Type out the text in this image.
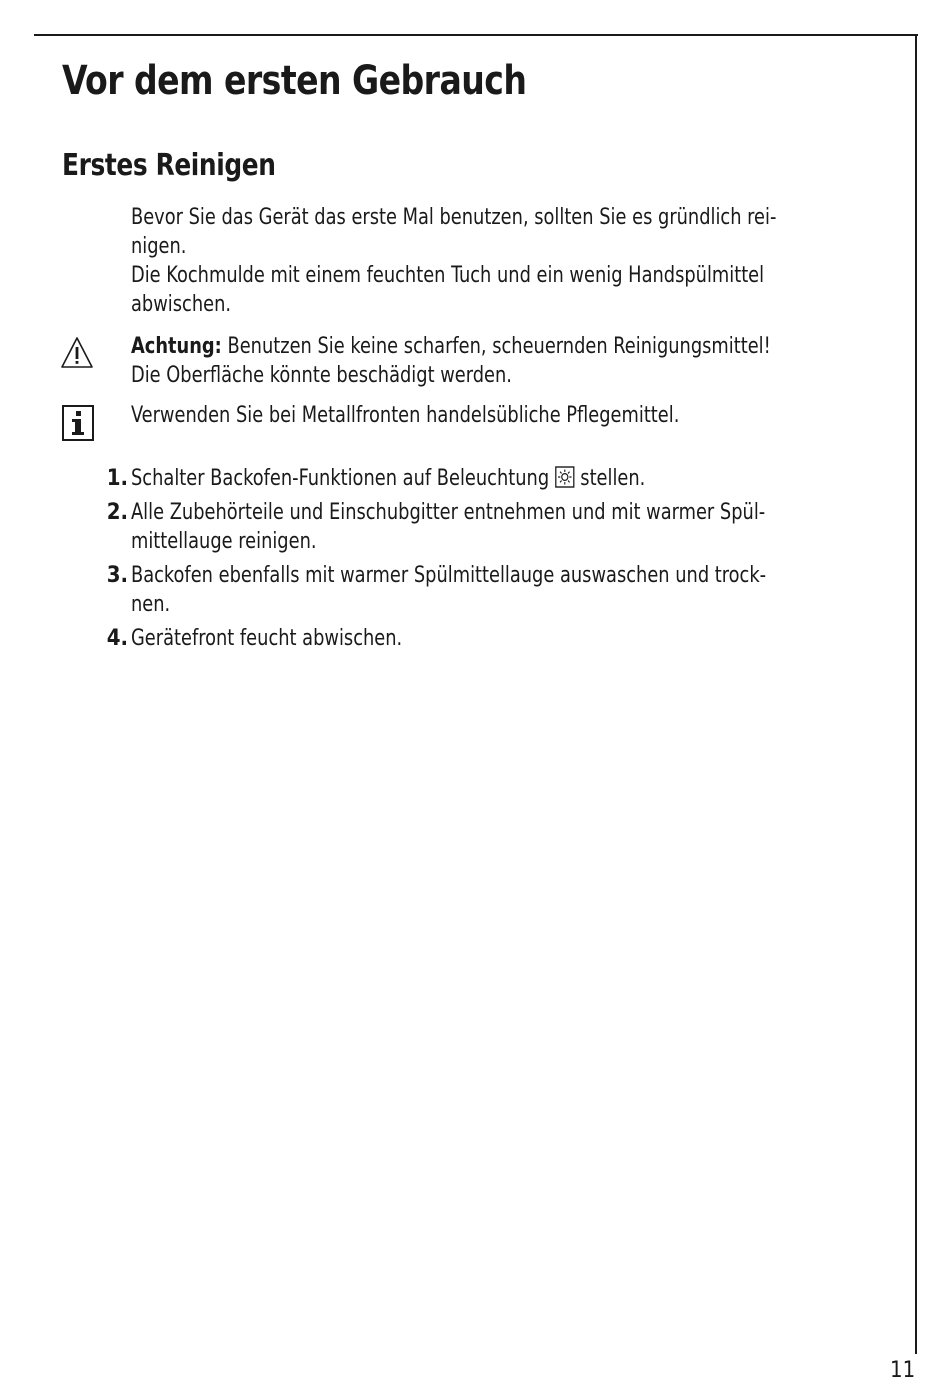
Vor dem ersten Gebrauch
Erstes Reinigen
Bevor Sie das Gerät das erste Mal benutzen, sollten Sie es gründlich rei-
nigen.
Die Kochmulde mit einem feuchten Tuch und ein wenig Handspülmittel
abwischen.
Achtung: Benutzen Sie keine scharfen, scheuernden Reinigungsmittel!
Die Oberfläche könnte beschädigt werden.
Verwenden Sie bei Metallfronten handelsübliche Pflegemittel.
1. Schalter Backofen-Funktionen auf Beleuchtung stellen.
2. Alle Zubehörteile und Einschubgitter entnehmen und mit warmer Spül-
mittellauge reinigen.
3. Backofen ebenfalls mit warmer Spülmittellauge auswaschen und trock-
nen.
4. Gerätefront feucht abwischen.
11
